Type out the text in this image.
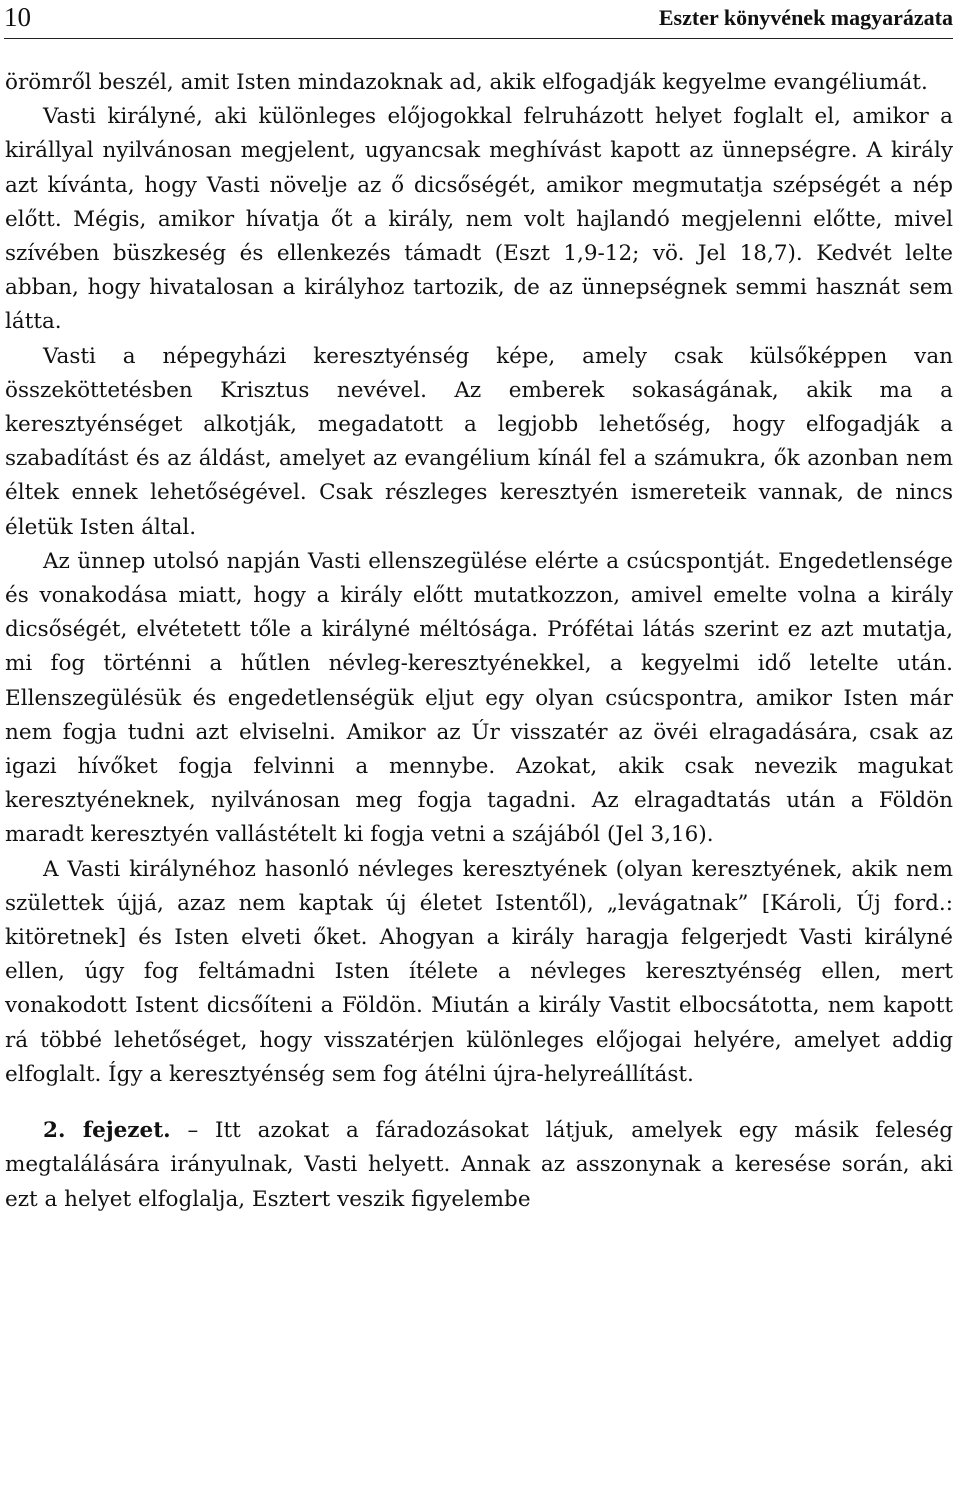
10	Eszter könyvének magyarázata

örömről beszél, amit Isten mindazoknak ad, akik elfogadják kegyelme evangéliumát.

Vasti királyné, aki különleges előjogokkal felruházott helyet foglalt el, amikor a királlyal nyilvánosan megjelent, ugyancsak meghívást kapott az ünnepségre. A király azt kívánta, hogy Vasti növelje az ő dicsőségét, amikor megmutatja szépségét a nép előtt. Mégis, amikor hívatja őt a király, nem volt hajlandó megjelenni előtte, mivel szívében büszkeség és ellenkezés támadt (Eszt 1,9-12; vö. Jel 18,7). Kedvét lelte abban, hogy hivatalosan a királyhoz tartozik, de az ünnepségnek semmi hasznát sem látta.

Vasti a népegyházi keresztyénség képe, amely csak külsőképpen van összeköttetésben Krisztus nevével. Az emberek sokaságának, akik ma a keresztyénséget alkotják, megadatott a legjobb lehetőség, hogy elfogadják a szabadítást és az áldást, amelyet az evangélium kínál fel a számukra, ők azonban nem éltek ennek lehetőségével. Csak részleges keresztyén ismereteik vannak, de nincs életük Isten által.

Az ünnep utolsó napján Vasti ellenszegülése elérte a csúcspontját. Engedetlensége és vonakodása miatt, hogy a király előtt mutatkozzon, amivel emelte volna a király dicsőségét, elvétetett tőle a királyné méltósága. Prófétai látás szerint ez azt mutatja, mi fog történni a hűtlen névleg-keresztyénekkel, a kegyelmi idő letelte után. Ellenszegülésük és engedetlenségük eljut egy olyan csúcspontra, amikor Isten már nem fogja tudni azt elviselni. Amikor az Úr visszatér az övéi elragadására, csak az igazi hívőket fogja felvinni a mennybe. Azokat, akik csak nevezik magukat keresztyéneknek, nyilvánosan meg fogja tagadni. Az elragadtatás után a Földön maradt keresztyén vallástételt ki fogja vetni a szájából (Jel 3,16).

A Vasti királynéhoz hasonló névleges keresztyének (olyan keresztyének, akik nem születtek újjá, azaz nem kaptak új életet Istentől), „levágatnak” [Károli, Új ford.: kitöretnek] és Isten elveti őket. Ahogyan a király haragja felgerjedt Vasti királyné ellen, úgy fog feltámadni Isten ítélete a névleges keresztyénség ellen, mert vonakodott Istent dicsőíteni a Földön. Miután a király Vastit elbocsátotta, nem kapott rá többé lehetőséget, hogy visszatérjen különleges előjogai helyére, amelyet addig elfoglalt. Így a keresztyénség sem fog átélni újra-helyreállítást.

2. fejezet. – Itt azokat a fáradozásokat látjuk, amelyek egy másik feleség megtalálására irányulnak, Vasti helyett. Annak az asszonynak a keresése során, aki ezt a helyet elfoglalja, Esztert veszik figyelembe
